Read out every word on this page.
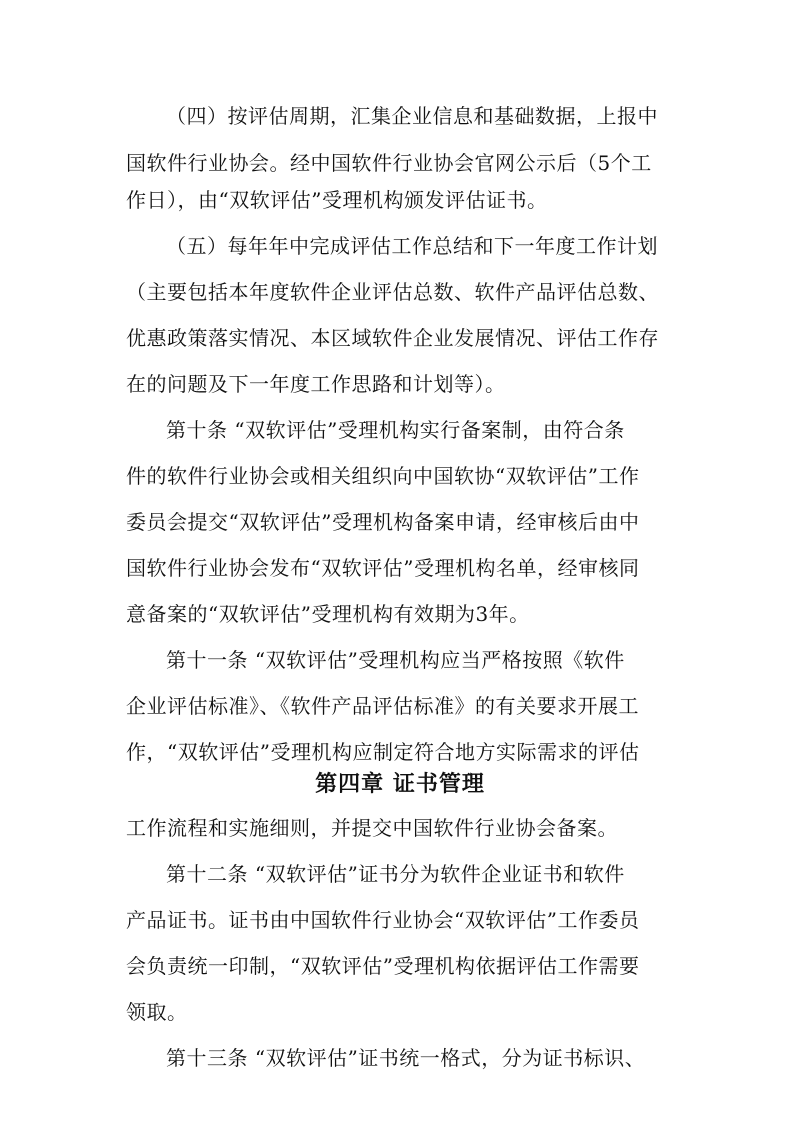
（四）按评估周期，汇集企业信息和基础数据，上报中
国软件行业协会。经中国软件行业协会官网公示后（5个工
作日），由“双软评估”受理机构颁发评估证书。
（五）每年年中完成评估工作总结和下一年度工作计划
（主要包括本年度软件企业评估总数、软件产品评估总数、
优惠政策落实情况、本区域软件企业发展情况、评估工作存
在的问题及下一年度工作思路和计划等）。
第十条 “双软评估”受理机构实行备案制，由符合条
件的软件行业协会或相关组织向中国软协“双软评估”工作
委员会提交“双软评估”受理机构备案申请，经审核后由中
国软件行业协会发布“双软评估”受理机构名单，经审核同
意备案的“双软评估”受理机构有效期为3年。
第十一条 “双软评估”受理机构应当严格按照《软件
企业评估标准》、《软件产品评估标准》的有关要求开展工
作，“双软评估”受理机构应制定符合地方实际需求的评估
工作流程和实施细则，并提交中国软件行业协会备案。
第四章 证书管理
第十二条 “双软评估”证书分为软件企业证书和软件
产品证书。证书由中国软件行业协会“双软评估”工作委员
会负责统一印制，“双软评估”受理机构依据评估工作需要
领取。
第十三条 “双软评估”证书统一格式，分为证书标识、
